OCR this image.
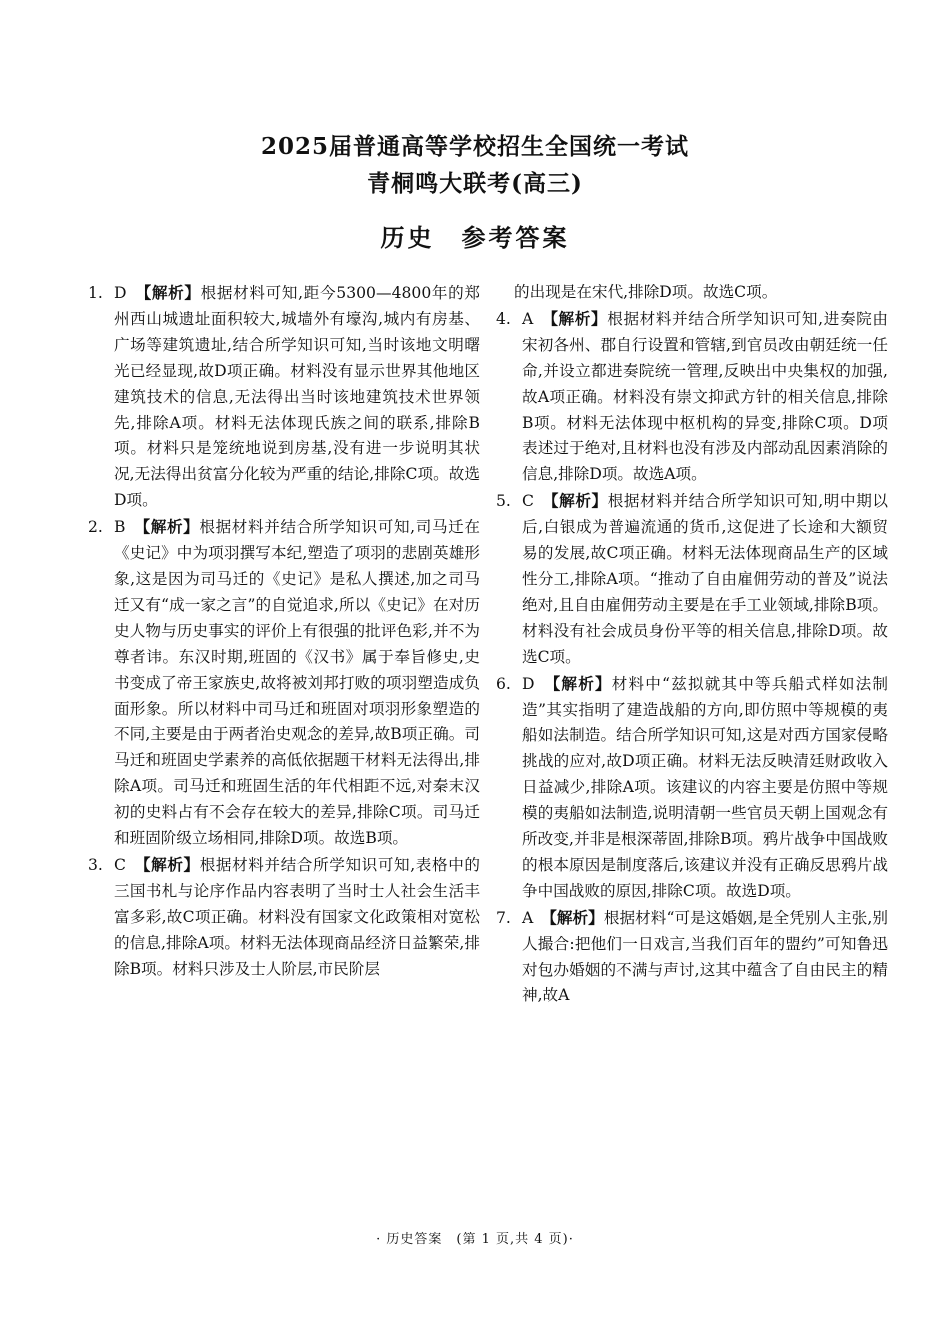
2025届普通高等学校招生全国统一考试
青桐鸣大联考(高三)
历史　参考答案

1. D　 【解析】根据材料可知,距今5300—4800年的郑州西山城遗址面积较大,城墙外有壕沟,城内有房基、广场等建筑遗址,结合所学知识可知,当时该地文明曙光已经显现,故D项正确。材料没有显示世界其他地区建筑技术的信息,无法得出当时该地建筑技术世界领先,排除A项。材料无法体现氏族之间的联系,排除B项。材料只是笼统地说到房基,没有进一步说明其状况,无法得出贫富分化较为严重的结论,排除C项。故选D项。

2. B　 【解析】根据材料并结合所学知识可知,司马迁在《史记》中为项羽撰写本纪,塑造了项羽的悲剧英雄形象,这是因为司马迁的《史记》是私人撰述,加之司马迁又有“成一家之言”的自觉追求,所以《史记》在对历史人物与历史事实的评价上有很强的批评色彩,并不为尊者讳。东汉时期,班固的《汉书》属于奉旨修史,史书变成了帝王家族史,故将被刘邦打败的项羽塑造成负面形象。所以材料中司马迁和班固对项羽形象塑造的不同,主要是由于两者治史观念的差异,故B项正确。司马迁和班固史学素养的高低依据题干材料无法得出,排除A项。司马迁和班固生活的年代相距不远,对秦末汉初的史料占有不会存在较大的差异,排除C项。司马迁和班固阶级立场相同,排除D项。故选B项。

3. C　 【解析】根据材料并结合所学知识可知,表格中的三国书札与论序作品内容表明了当时士人社会生活丰富多彩,故C项正确。材料没有国家文化政策相对宽松的信息,排除A项。材料无法体现商品经济日益繁荣,排除B项。材料只涉及士人阶层,市民阶层

的出现是在宋代,排除D项。故选C项。

4. A　 【解析】根据材料并结合所学知识可知,进奏院由宋初各州、郡自行设置和管辖,到官员改由朝廷统一任命,并设立都进奏院统一管理,反映出中央集权的加强,故A项正确。材料没有崇文抑武方针的相关信息,排除B项。材料无法体现中枢机构的异变,排除C项。D项表述过于绝对,且材料也没有涉及内部动乱因素消除的信息,排除D项。故选A项。

5. C　 【解析】根据材料并结合所学知识可知,明中期以后,白银成为普遍流通的货币,这促进了长途和大额贸易的发展,故C项正确。材料无法体现商品生产的区域性分工,排除A项。“推动了自由雇佣劳动的普及”说法绝对,且自由雇佣劳动主要是在手工业领域,排除B项。材料没有社会成员身份平等的相关信息,排除D项。故选C项。

6. D　 【解析】材料中“兹拟就其中等兵船式样如法制造”其实指明了建造战船的方向,即仿照中等规模的夷船如法制造。结合所学知识可知,这是对西方国家侵略挑战的应对,故D项正确。材料无法反映清廷财政收入日益减少,排除A项。该建议的内容主要是仿照中等规模的夷船如法制造,说明清朝一些官员天朝上国观念有所改变,并非是根深蒂固,排除B项。鸦片战争中国战败的根本原因是制度落后,该建议并没有正确反思鸦片战争中国战败的原因,排除C项。故选D项。

7. A　 【解析】根据材料“可是这婚姻,是全凭别人主张,别人撮合:把他们一日戏言,当我们百年的盟约”可知鲁迅对包办婚姻的不满与声讨,这其中蕴含了自由民主的精神,故A

· 历史答案　(第 1 页,共 4 页)·
